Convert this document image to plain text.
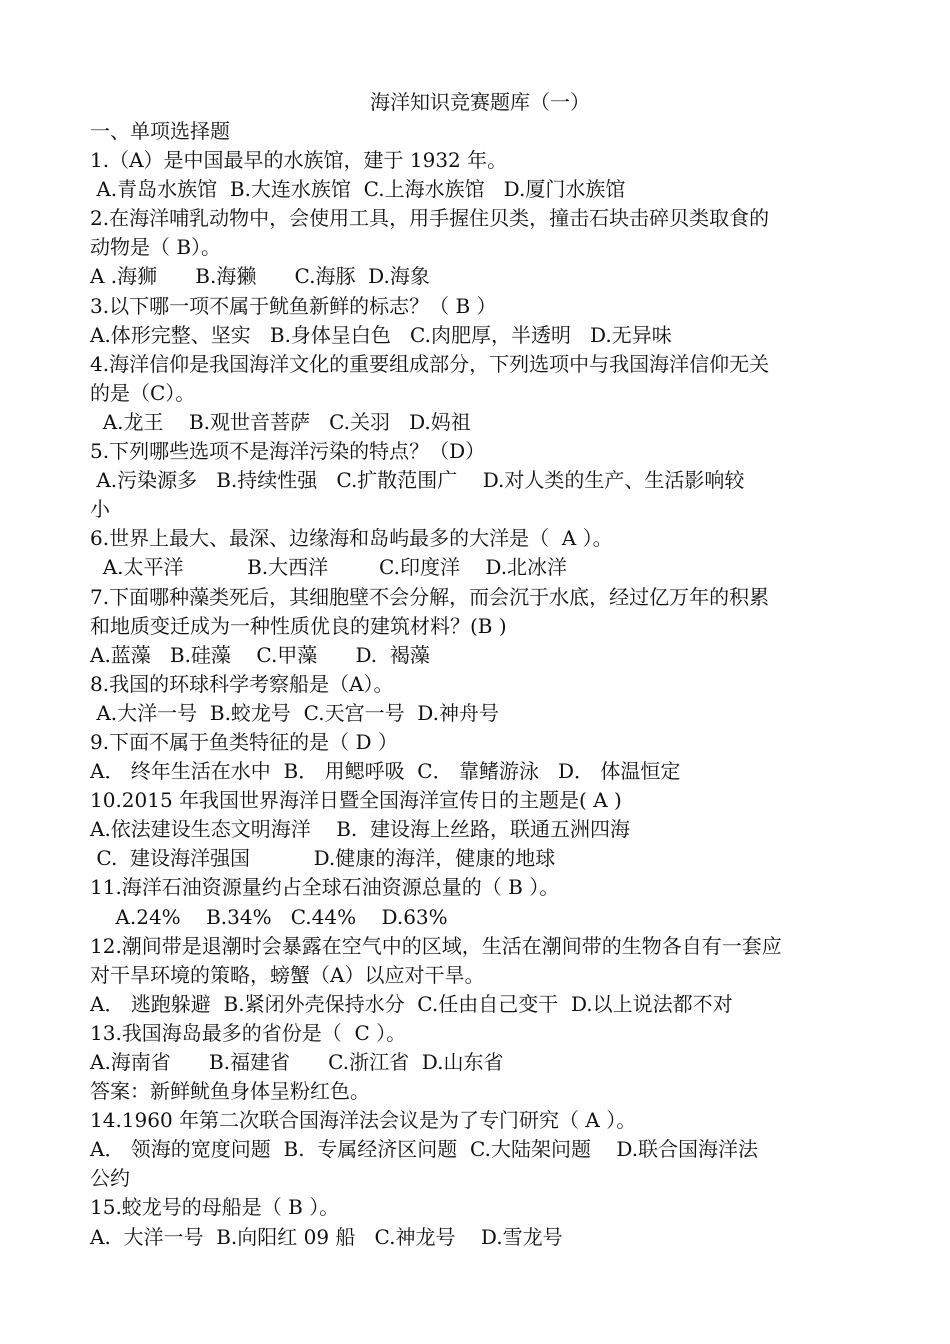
海洋知识竞赛题库（一）
一、单项选择题
1.（A）是中国最早的水族馆，建于 1932 年。
A.青岛水族馆  B.大连水族馆  C.上海水族馆   D.厦门水族馆
2.在海洋哺乳动物中，会使用工具，用手握住贝类，撞击石块击碎贝类取食的
动物是（ B）。
A .海狮      B.海獭      C.海豚  D.海象
3.以下哪一项不属于鱿鱼新鲜的标志？（ B ）
A.体形完整、坚实   B.身体呈白色   C.肉肥厚，半透明   D.无异味
4.海洋信仰是我国海洋文化的重要组成部分，下列选项中与我国海洋信仰无关
的是（C）。
A.龙王    B.观世音菩萨   C.关羽   D.妈祖
5.下列哪些选项不是海洋污染的特点？（D）
A.污染源多   B.持续性强   C.扩散范围广    D.对人类的生产、生活影响较
小
6.世界上最大、最深、边缘海和岛屿最多的大洋是（  A ）。
A.太平洋          B.大西洋        C.印度洋    D.北冰洋
7.下面哪种藻类死后，其细胞壁不会分解，而会沉于水底，经过亿万年的积累
和地质变迁成为一种性质优良的建筑材料？(B )
A.蓝藻   B.硅藻    C.甲藻      D.  褐藻
8.我国的环球科学考察船是（A）。
A.大洋一号  B.蛟龙号  C.天宫一号  D.神舟号
9.下面不属于鱼类特征的是（ D ）
A． 终年生活在水中  B． 用鳃呼吸  C． 靠鳍游泳   D． 体温恒定
10.2015 年我国世界海洋日暨全国海洋宣传日的主题是( A )
A.依法建设生态文明海洋    B.  建设海上丝路，联通五洲四海
C.  建设海洋强国          D.健康的海洋，健康的地球
11.海洋石油资源量约占全球石油资源总量的（ B ）。
A.24%    B.34%   C.44%    D.63%
12.潮间带是退潮时会暴露在空气中的区域，生活在潮间带的生物各自有一套应
对干旱环境的策略，螃蟹（A）以应对干旱。
A． 逃跑躲避  B.紧闭外壳保持水分  C.任由自己变干  D.以上说法都不对
13.我国海岛最多的省份是（  C ）。
A.海南省      B.福建省      C.浙江省  D.山东省
答案：新鲜鱿鱼身体呈粉红色。
14.1960 年第二次联合国海洋法会议是为了专门研究（ A ）。
A． 领海的宽度问题  B.  专属经济区问题  C.大陆架问题    D.联合国海洋法
公约
15.蛟龙号的母船是（ B ）。
A.  大洋一号  B.向阳红 09 船   C.神龙号    D.雪龙号
